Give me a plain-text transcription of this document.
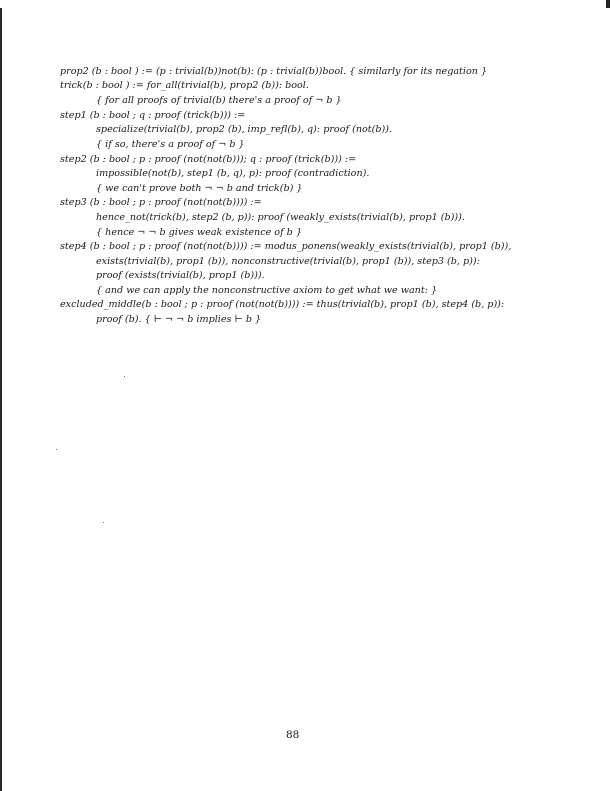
prop2 (b : bool ) := (p : trivial(b))not(b): (p : trivial(b))bool. { similarly for its negation }
trick(b : bool ) := for_all(trivial(b), prop2 (b)): bool.
{ for all proofs of trivial(b) there's a proof of ¬ b }
step1 (b : bool ; q : proof (trick(b))) :=
specialize(trivial(b), prop2 (b), imp_refl(b), q): proof (not(b)).
{ if so, there's a proof of ¬ b }
step2 (b : bool ; p : proof (not(not(b))); q : proof (trick(b))) :=
impossible(not(b), step1 (b, q), p): proof (contradiction).
{ we can't prove both ¬ ¬ b and trick(b) }
step3 (b : bool ; p : proof (not(not(b)))) :=
hence_not(trick(b), step2 (b, p)): proof (weakly_exists(trivial(b), prop1 (b))).
{ hence ¬ ¬ b gives weak existence of b }
step4 (b : bool ; p : proof (not(not(b)))) := modus_ponens(weakly_exists(trivial(b), prop1 (b)),
exists(trivial(b), prop1 (b)), nonconstructive(trivial(b), prop1 (b)), step3 (b, p)):
proof (exists(trivial(b), prop1 (b))).
{ and we can apply the nonconstructive axiom to get what we want: }
excluded_middle(b : bool ; p : proof (not(not(b)))) := thus(trivial(b), prop1 (b), step4 (b, p)):
proof (b). { ⊢ ¬ ¬ b implies ⊢ b }
88
